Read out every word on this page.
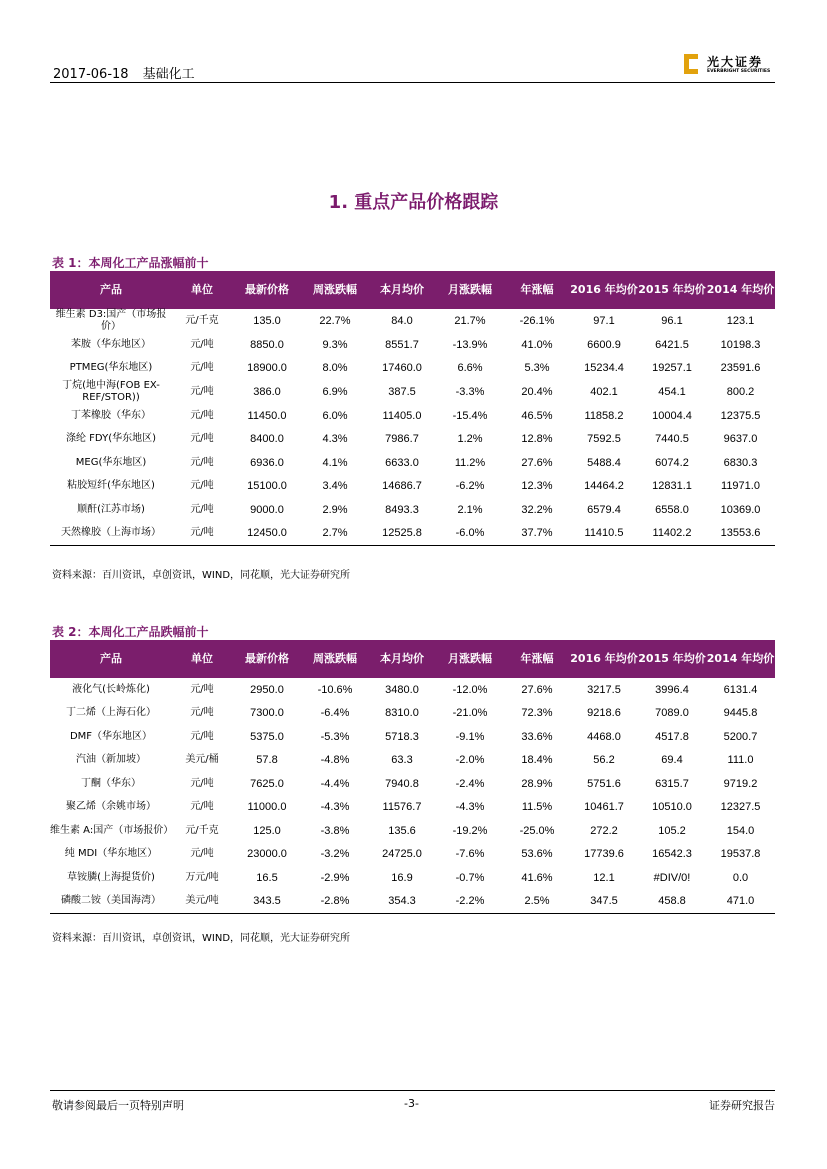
2017-06-18 基础化工
光大证券
EVERBRIGHT SECURITIES
1. 重点产品价格跟踪
表 1：本周化工产品涨幅前十
产品	单位	最新价格	周涨跌幅	本月均价	月涨跌幅	年涨幅	2016 年均价	2015 年均价	2014 年均价
维生素 D3:国产（市场报价）	元/千克	135.0	22.7%	84.0	21.7%	-26.1%	97.1	96.1	123.1
苯胺（华东地区）	元/吨	8850.0	9.3%	8551.7	-13.9%	41.0%	6600.9	6421.5	10198.3
PTMEG(华东地区)	元/吨	18900.0	8.0%	17460.0	6.6%	5.3%	15234.4	19257.1	23591.6
丁烷(地中海(FOB EX-REF/STOR))	元/吨	386.0	6.9%	387.5	-3.3%	20.4%	402.1	454.1	800.2
丁苯橡胶（华东）	元/吨	11450.0	6.0%	11405.0	-15.4%	46.5%	11858.2	10004.4	12375.5
涤纶 FDY(华东地区)	元/吨	8400.0	4.3%	7986.7	1.2%	12.8%	7592.5	7440.5	9637.0
MEG(华东地区)	元/吨	6936.0	4.1%	6633.0	11.2%	27.6%	5488.4	6074.2	6830.3
粘胶短纤(华东地区)	元/吨	15100.0	3.4%	14686.7	-6.2%	12.3%	14464.2	12831.1	11971.0
顺酐(江苏市场)	元/吨	9000.0	2.9%	8493.3	2.1%	32.2%	6579.4	6558.0	10369.0
天然橡胶（上海市场）	元/吨	12450.0	2.7%	12525.8	-6.0%	37.7%	11410.5	11402.2	13553.6
资料来源：百川资讯，卓创资讯，WIND，同花顺，光大证券研究所
表 2：本周化工产品跌幅前十
产品	单位	最新价格	周涨跌幅	本月均价	月涨跌幅	年涨幅	2016 年均价	2015 年均价	2014 年均价
液化气(长岭炼化)	元/吨	2950.0	-10.6%	3480.0	-12.0%	27.6%	3217.5	3996.4	6131.4
丁二烯（上海石化）	元/吨	7300.0	-6.4%	8310.0	-21.0%	72.3%	9218.6	7089.0	9445.8
DMF（华东地区）	元/吨	5375.0	-5.3%	5718.3	-9.1%	33.6%	4468.0	4517.8	5200.7
汽油（新加坡）	美元/桶	57.8	-4.8%	63.3	-2.0%	18.4%	56.2	69.4	111.0
丁酮（华东）	元/吨	7625.0	-4.4%	7940.8	-2.4%	28.9%	5751.6	6315.7	9719.2
聚乙烯（余姚市场）	元/吨	11000.0	-4.3%	11576.7	-4.3%	11.5%	10461.7	10510.0	12327.5
维生素 A:国产（市场报价）	元/千克	125.0	-3.8%	135.6	-19.2%	-25.0%	272.2	105.2	154.0
纯 MDI（华东地区）	元/吨	23000.0	-3.2%	24725.0	-7.6%	53.6%	17739.6	16542.3	19537.8
草铵膦(上海提货价)	万元/吨	16.5	-2.9%	16.9	-0.7%	41.6%	12.1	#DIV/0!	0.0
磷酸二铵（美国海湾）	美元/吨	343.5	-2.8%	354.3	-2.2%	2.5%	347.5	458.8	471.0
资料来源：百川资讯，卓创资讯，WIND，同花顺，光大证券研究所
敬请参阅最后一页特别声明	-3-	证券研究报告
